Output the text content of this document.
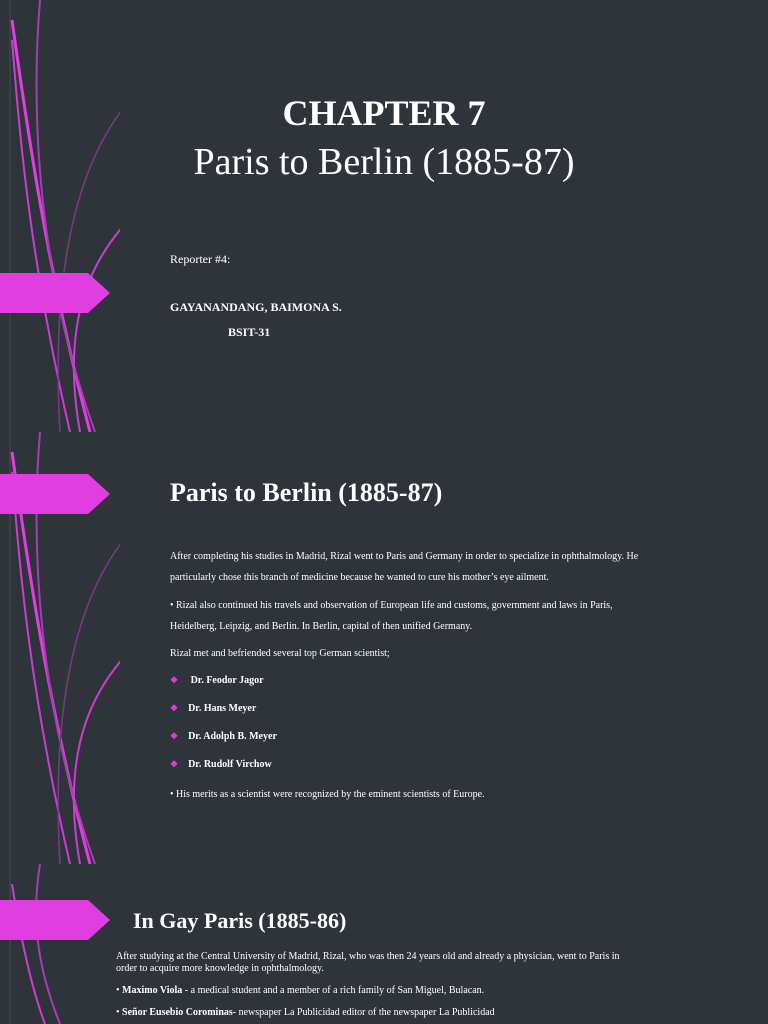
CHAPTER 7
Paris to Berlin (1885-87)
Reporter #4:
GAYANANDANG, BAIMONA S.
BSIT-31
Paris to Berlin (1885-87)
After completing his studies in Madrid, Rizal went to Paris and Germany in order to specialize in ophthalmology. He
particularly chose this branch of medicine because he wanted to cure his mother’s eye ailment.
• Rizal also continued his travels and observation of European life and customs, government and laws in Paris,
Heidelberg, Leipzig, and Berlin. In Berlin, capital of then unified Germany.
Rizal met and befriended several top German scientist;
❖ Dr. Feodor Jagor
❖ Dr. Hans Meyer
❖ Dr. Adolph B. Meyer
❖ Dr. Rudolf Virchow
• His merits as a scientist were recognized by the eminent scientists of Europe.
In Gay Paris (1885-86)
After studying at the Central University of Madrid, Rizal, who was then 24 years old and already a physician, went to Paris in
order to acquire more knowledge in ophthalmology.
• Maximo Viola - a medical student and a member of a rich family of San Miguel, Bulacan.
• Señor Eusebio Corominas- newspaper La Publicidad editor of the newspaper La Publicidad
